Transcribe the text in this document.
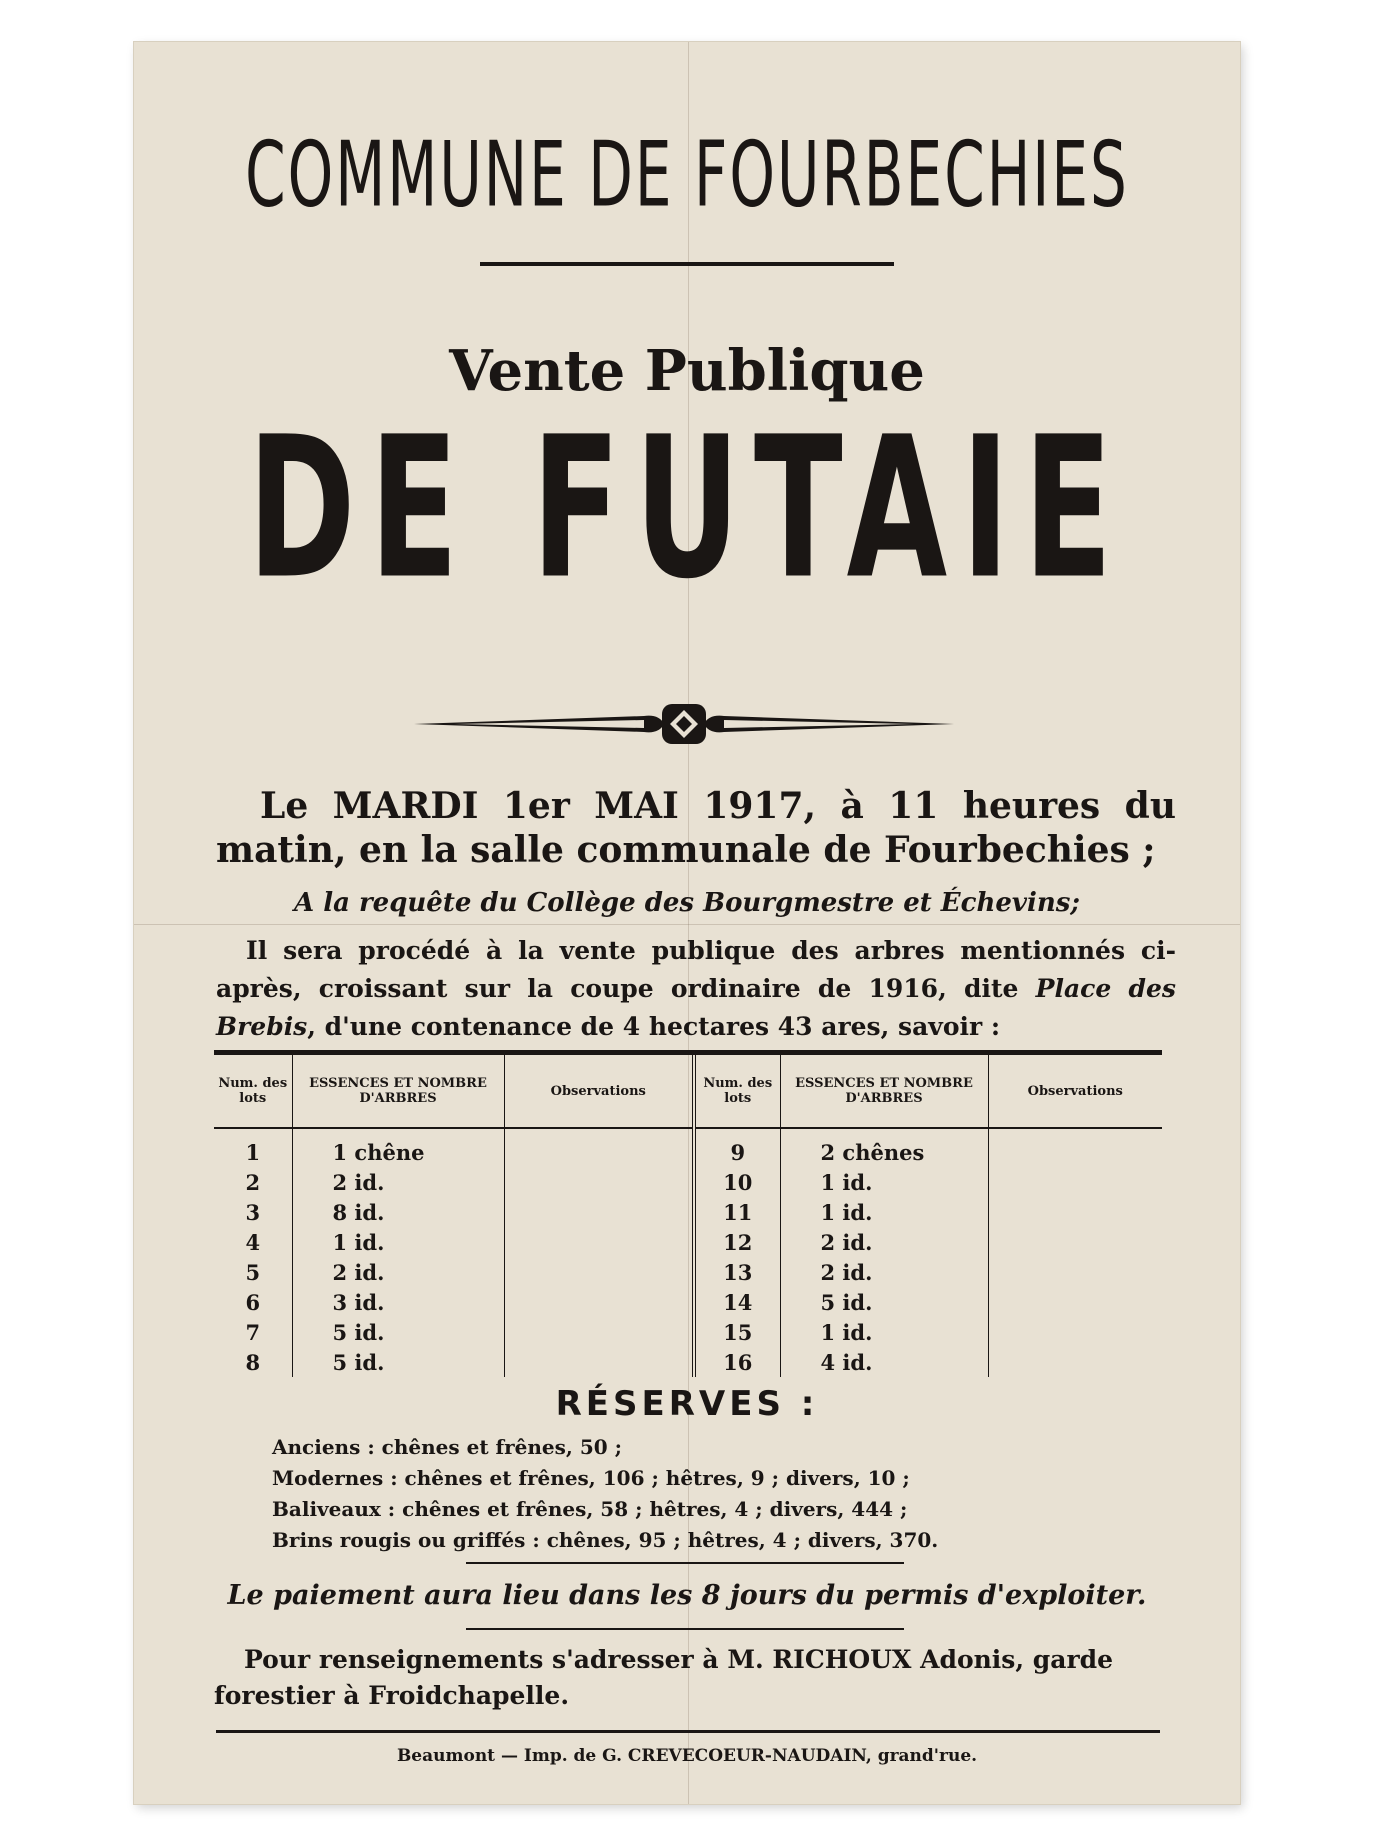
COMMUNE DE FOURBECHIES
Vente Publique
DE FUTAIE
Le MARDI 1er MAI 1917, à 11 heures du matin, en la salle communale de Fourbechies ;
A la requête du Collège des Bourgmestre et Échevins;
Il sera procédé à la vente publique des arbres mentionnés ci-après, croissant sur la coupe ordinaire de 1916, dite Place des Brebis, d'une contenance de 4 hectares 43 ares, savoir :
Num. des lots	ESSENCES ET NOMBRE D'ARBRES	Observations	Num. des lots	ESSENCES ET NOMBRE D'ARBRES	Observations
1	1 chêne		9	2 chênes	
2	2 id.		10	1 id.	
3	8 id.		11	1 id.	
4	1 id.		12	2 id.	
5	2 id.		13	2 id.	
6	3 id.		14	5 id.	
7	5 id.		15	1 id.	
8	5 id.		16	4 id.	
RÉSERVES :
Anciens : chênes et frênes, 50 ;
Modernes : chênes et frênes, 106 ; hêtres, 9 ; divers, 10 ;
Baliveaux : chênes et frênes, 58 ; hêtres, 4 ; divers, 444 ;
Brins rougis ou griffés : chênes, 95 ; hêtres, 4 ; divers, 370.
Le paiement aura lieu dans les 8 jours du permis d'exploiter.
Pour renseignements s'adresser à M. RICHOUX Adonis, garde forestier à Froidchapelle.
Beaumont — Imp. de G. CREVECOEUR-NAUDAIN, grand'rue.
